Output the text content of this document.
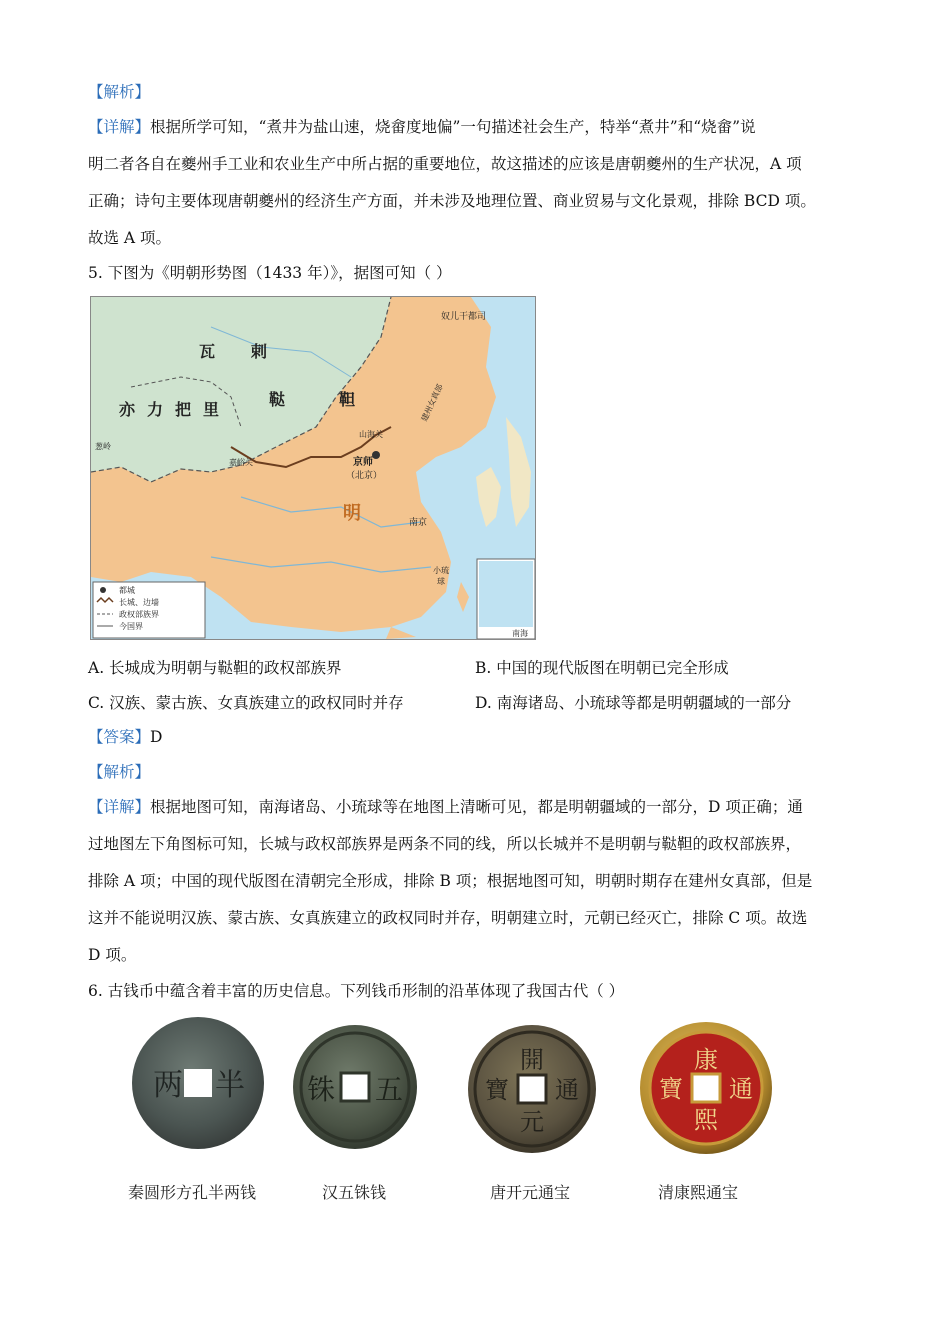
【解析】
【详解】根据所学可知，“煮井为盐山速，烧畲度地偏”一句描述社会生产，特举“煮井”和“烧畲”说
明二者各自在夔州手工业和农业生产中所占据的重要地位，故这描述的应该是唐朝夔州的生产状况，A 项
正确；诗句主要体现唐朝夔州的经济生产方面，并未涉及地理位置、商业贸易与文化景观，排除 BCD 项。
故选 A 项。
5. 下图为《明朝形势图（1433 年）》，据图可知（ ）
瓦 剌
鞑	靼
亦 力 把 里
明
奴儿干都司
建州女真部
山海关
京师
（北京）
嘉峪关
南京
小琉
球
葱岭
南海
都城
长城、边墙
政权部族界
今国界
A. 长城成为明朝与鞑靼的政权部族界	B. 中国的现代版图在明朝已完全形成
C. 汉族、蒙古族、女真族建立的政权同时并存	D. 南海诸岛、小琉球等都是明朝疆域的一部分
【答案】D
【解析】
【详解】根据地图可知，南海诸岛、小琉球等在地图上清晰可见，都是明朝疆域的一部分，D 项正确；通
过地图左下角图标可知，长城与政权部族界是两条不同的线，所以长城并不是明朝与鞑靼的政权部族界，
排除 A 项；中国的现代版图在清朝完全形成，排除 B 项；根据地图可知，明朝时期存在建州女真部，但是
这并不能说明汉族、蒙古族、女真族建立的政权同时并存，明朝建立时，元朝已经灭亡，排除 C 项。故选
D 项。
6. 古钱币中蕴含着丰富的历史信息。下列钱币形制的沿革体现了我国古代（ ）
两 半 铢 五
開
元
通
寶
康
熙
通
寶
秦圆形方孔半两钱	汉五铢钱	唐开元通宝	清康熙通宝
